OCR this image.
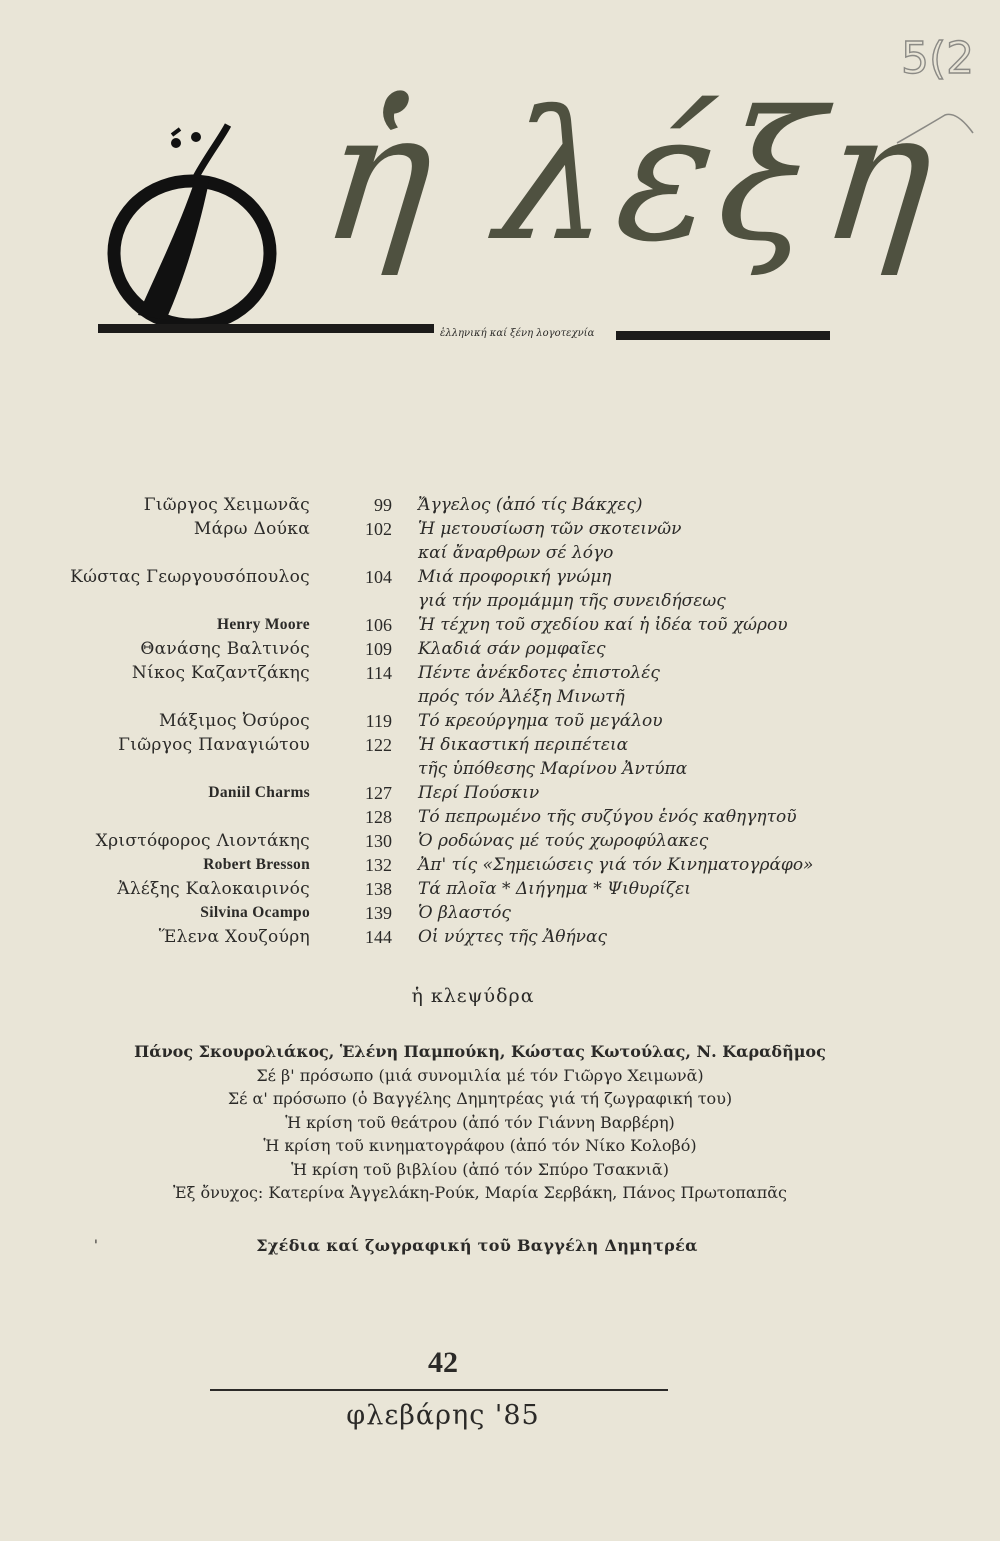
5(2
ἡ λέξη
ἑλληνική καί ξένη λογοτεχνία
Γιῶργος Χειμωνᾶς	99 Ἄγγελος (ἀπό τίς Βάκχες)
Μάρω Δούκα	102 Ἡ μετουσίωση τῶν σκοτεινῶν
καί ἄναρθρων σέ λόγο
Κώστας Γεωργουσόπουλος	104 Μιά προφορική γνώμη
γιά τήν προμάμμη τῆς συνειδήσεως
Henry Moore	106 Ἡ τέχνη τοῦ σχεδίου καί ἡ ἰδέα τοῦ χώρου
Θανάσης Βαλτινός	109 Κλαδιά σάν ρομφαῖες
Νίκος Καζαντζάκης	114 Πέντε ἀνέκδοτες ἐπιστολές
πρός τόν Ἀλέξη Μινωτῆ
Μάξιμος Ὀσύρος	119 Τό κρεούργημα τοῦ μεγάλου
Γιῶργος Παναγιώτου	122 Ἡ δικαστική περιπέτεια
τῆς ὑπόθεσης Μαρίνου Ἀντύπα
Daniil Charms	127 Περί Πούσκιν
128 Τό πεπρωμένο τῆς συζύγου ἑνός καθηγητοῦ
Χριστόφορος Λιοντάκης	130 Ὁ ροδώνας μέ τούς χωροφύλακες
Robert Bresson	132 Ἀπ' τίς «Σημειώσεις γιά τόν Κινηματογράφο»
Ἀλέξης Καλοκαιρινός	138 Τά πλοῖα * Διήγημα * Ψιθυρίζει
Silvina Ocampo	139 Ὁ βλαστός
Ἕλενα Χουζούρη	144 Οἱ νύχτες τῆς Ἀθήνας
ἡ κλεψύδρα
Πάνος Σκουρολιάκος, Ἑλένη Παμπούκη, Κώστας Κωτούλας, Ν. Καραδῆμος
Σέ β' πρόσωπο (μιά συνομιλία μέ τόν Γιῶργο Χειμωνᾶ)
Σέ α' πρόσωπο (ὁ Βαγγέλης Δημητρέας γιά τή ζωγραφική του)
Ἡ κρίση τοῦ θεάτρου (ἀπό τόν Γιάννη Βαρβέρη)
Ἡ κρίση τοῦ κινηματογράφου (ἀπό τόν Νίκο Κολοβό)
Ἡ κρίση τοῦ βιβλίου (ἀπό τόν Σπύρο Τσακνιᾶ)
Ἐξ ὄνυχος: Κατερίνα Ἀγγελάκη-Ρούκ, Μαρία Σερβάκη, Πάνος Πρωτοπαπᾶς
'	Σχέδια καί ζωγραφική τοῦ Βαγγέλη Δημητρέα
42
φλεβάρης '85
